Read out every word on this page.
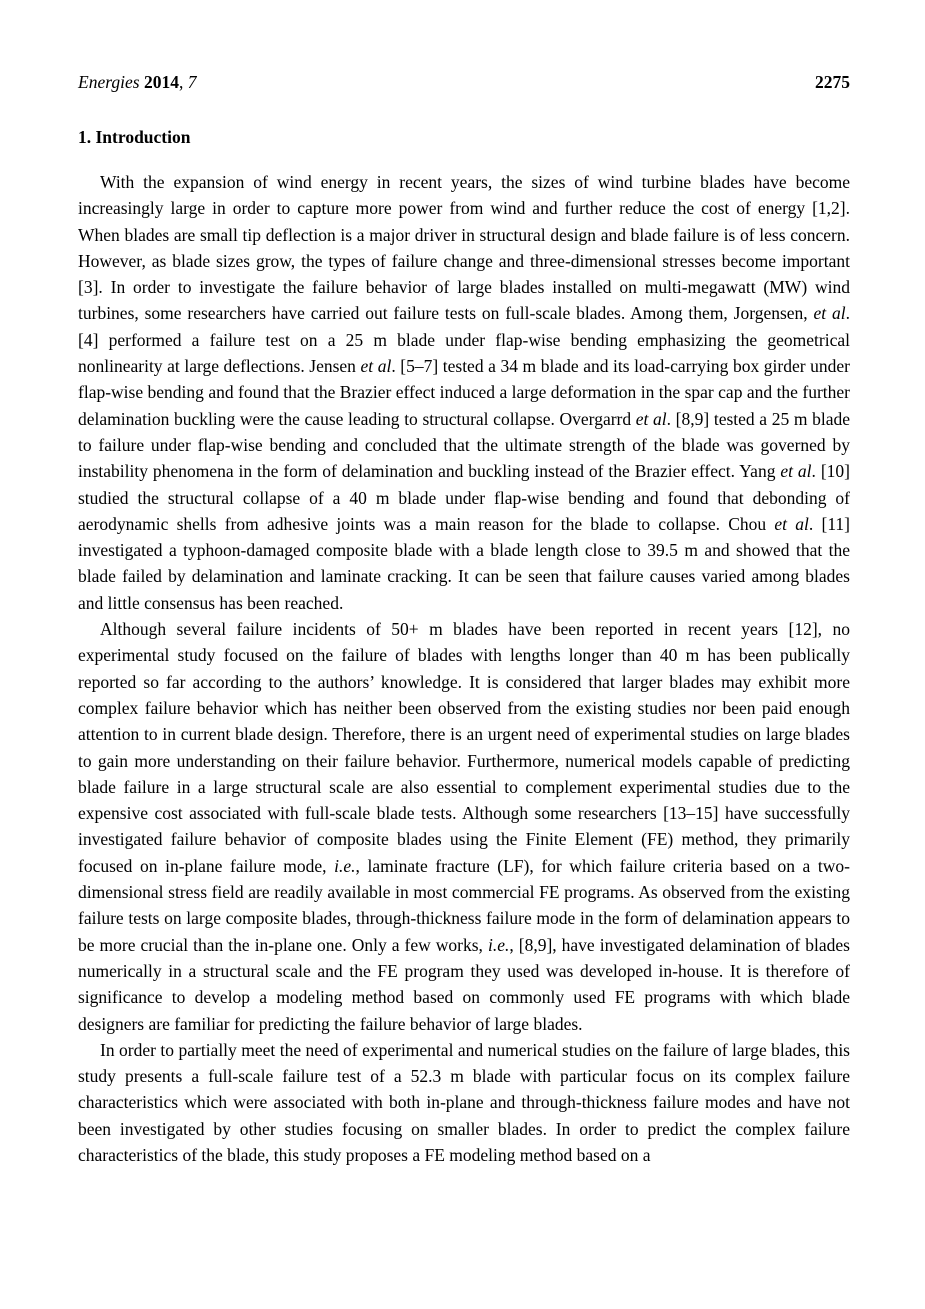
Energies 2014, 7	2275
1. Introduction

With the expansion of wind energy in recent years, the sizes of wind turbine blades have become increasingly large in order to capture more power from wind and further reduce the cost of energy [1,2]. When blades are small tip deflection is a major driver in structural design and blade failure is of less concern. However, as blade sizes grow, the types of failure change and three-dimensional stresses become important [3]. In order to investigate the failure behavior of large blades installed on multi-megawatt (MW) wind turbines, some researchers have carried out failure tests on full-scale blades. Among them, Jorgensen, et al. [4] performed a failure test on a 25 m blade under flap-wise bending emphasizing the geometrical nonlinearity at large deflections. Jensen et al. [5–7] tested a 34 m blade and its load-carrying box girder under flap-wise bending and found that the Brazier effect induced a large deformation in the spar cap and the further delamination buckling were the cause leading to structural collapse. Overgarrd et al. [8,9] tested a 25 m blade to failure under flap-wise bending and concluded that the ultimate strength of the blade was governed by instability phenomena in the form of delamination and buckling instead of the Brazier effect. Yang et al. [10] studied the structural collapse of a 40 m blade under flap-wise bending and found that debonding of aerodynamic shells from adhesive joints was a main reason for the blade to collapse. Chou et al. [11] investigated a typhoon-damaged composite blade with a blade length close to 39.5 m and showed that the blade failed by delamination and laminate cracking. It can be seen that failure causes varied among blades and little consensus has been reached.

Although several failure incidents of 50+ m blades have been reported in recent years [12], no experimental study focused on the failure of blades with lengths longer than 40 m has been publically reported so far according to the authors’ knowledge. It is considered that larger blades may exhibit more complex failure behavior which has neither been observed from the existing studies nor been paid enough attention to in current blade design. Therefore, there is an urgent need of experimental studies on large blades to gain more understanding on their failure behavior. Furthermore, numerical models capable of predicting blade failure in a large structural scale are also essential to complement experimental studies due to the expensive cost associated with full-scale blade tests. Although some researchers [13–15] have successfully investigated failure behavior of composite blades using the Finite Element (FE) method, they primarily focused on in-plane failure mode, i.e., laminate fracture (LF), for which failure criteria based on a two-dimensional stress field are readily available in most commercial FE programs. As observed from the existing failure tests on large composite blades, through-thickness failure mode in the form of delamination appears to be more crucial than the in-plane one. Only a few works, i.e., [8,9], have investigated delamination of blades numerically in a structural scale and the FE program they used was developed in-house. It is therefore of significance to develop a modeling method based on commonly used FE programs with which blade designers are familiar for predicting the failure behavior of large blades.

In order to partially meet the need of experimental and numerical studies on the failure of large blades, this study presents a full-scale failure test of a 52.3 m blade with particular focus on its complex failure characteristics which were associated with both in-plane and through-thickness failure modes and have not been investigated by other studies focusing on smaller blades. In order to predict the complex failure characteristics of the blade, this study proposes a FE modeling method based on a
